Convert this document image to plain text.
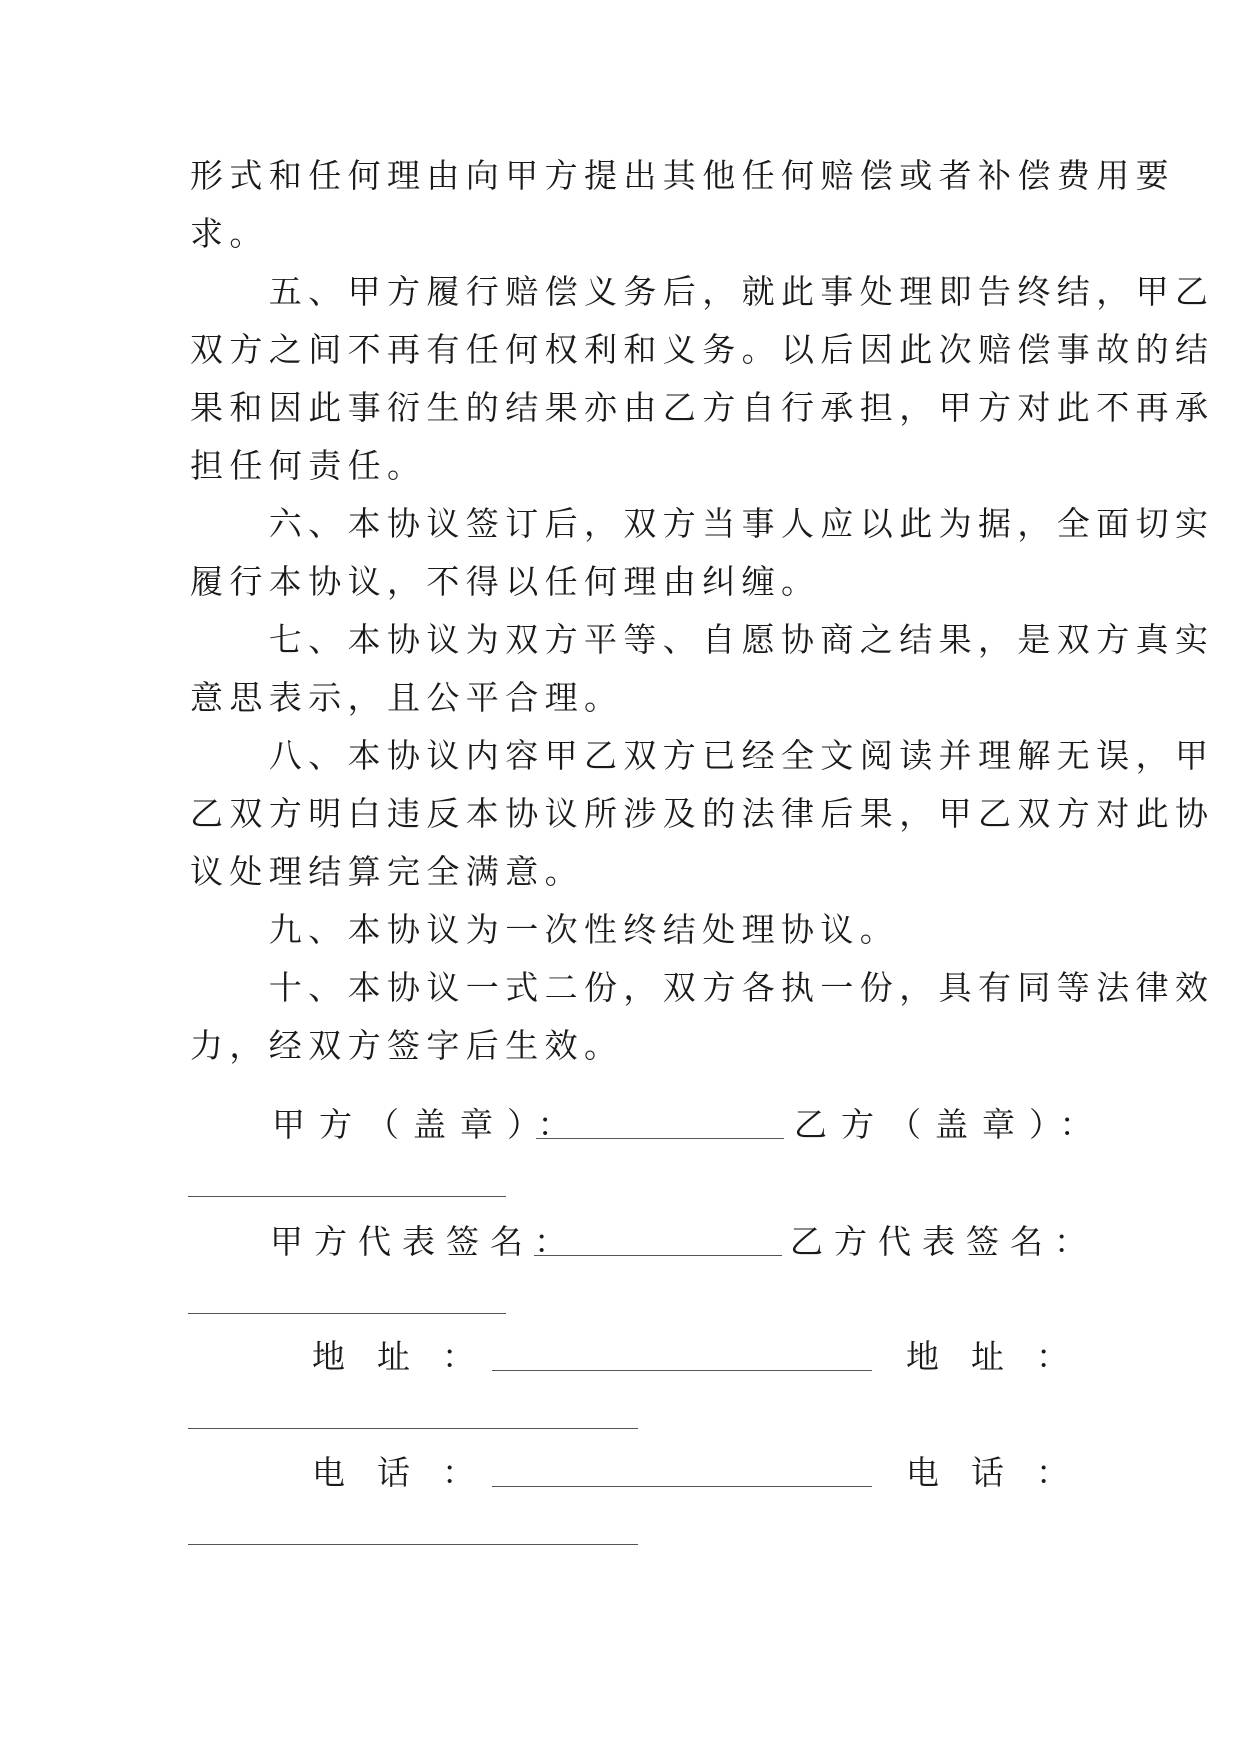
形式和任何理由向甲方提出其他任何赔偿或者补偿费用要
求。
　　五、甲方履行赔偿义务后，就此事处理即告终结，甲乙
双方之间不再有任何权利和义务。以后因此次赔偿事故的结
果和因此事衍生的结果亦由乙方自行承担，甲方对此不再承
担任何责任。
　　六、本协议签订后，双方当事人应以此为据，全面切实
履行本协议，不得以任何理由纠缠。
　　七、本协议为双方平等、自愿协商之结果，是双方真实
意思表示，且公平合理。
　　八、本协议内容甲乙双方已经全文阅读并理解无误，甲
乙双方明白违反本协议所涉及的法律后果，甲乙双方对此协
议处理结算完全满意。
　　九、本协议为一次性终结处理协议。
　　十、本协议一式二份，双方各执一份，具有同等法律效
力，经双方签字后生效。
甲方（盖章）：	乙方（盖章）：
甲方代表签名：	乙方代表签名：
地址：	地址：
电话：	电话：
